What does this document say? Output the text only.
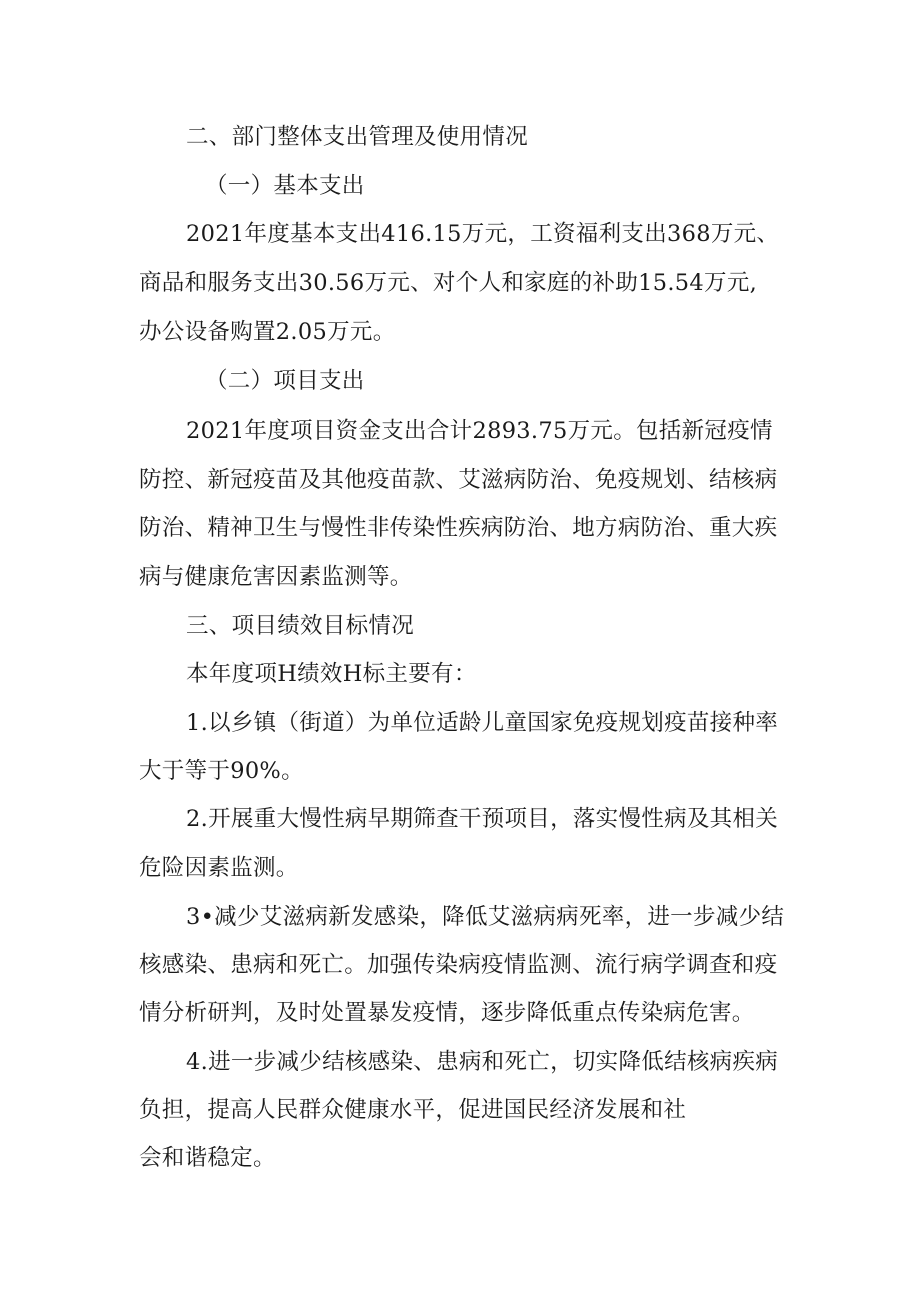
二、部门整体支出管理及使用情况
（一）基本支出
2021年度基本支出416.15万元，工资福利支出368万元、
商品和服务支出30.56万元、对个人和家庭的补助15.54万元,
办公设备购置2.05万元。
（二）项目支出
2021年度项目资金支出合计2893.75万元。包括新冠疫情
防控、新冠疫苗及其他疫苗款、艾滋病防治、免疫规划、结核病
防治、精神卫生与慢性非传染性疾病防治、地方病防治、重大疾
病与健康危害因素监测等。
三、项目绩效目标情况
本年度项H绩效H标主要有：
1.以乡镇（街道）为单位适龄儿童国家免疫规划疫苗接种率
大于等于90%。
2.开展重大慢性病早期筛查干预项目，落实慢性病及其相关
危险因素监测。
3•减少艾滋病新发感染，降低艾滋病病死率，进一步减少结
核感染、患病和死亡。加强传染病疫情监测、流行病学调查和疫
情分析研判，及时处置暴发疫情，逐步降低重点传染病危害。
4.进一步减少结核感染、患病和死亡，切实降低结核病疾病
负担，提高人民群众健康水平，促进国民经济发展和社
会和谐稳定。
